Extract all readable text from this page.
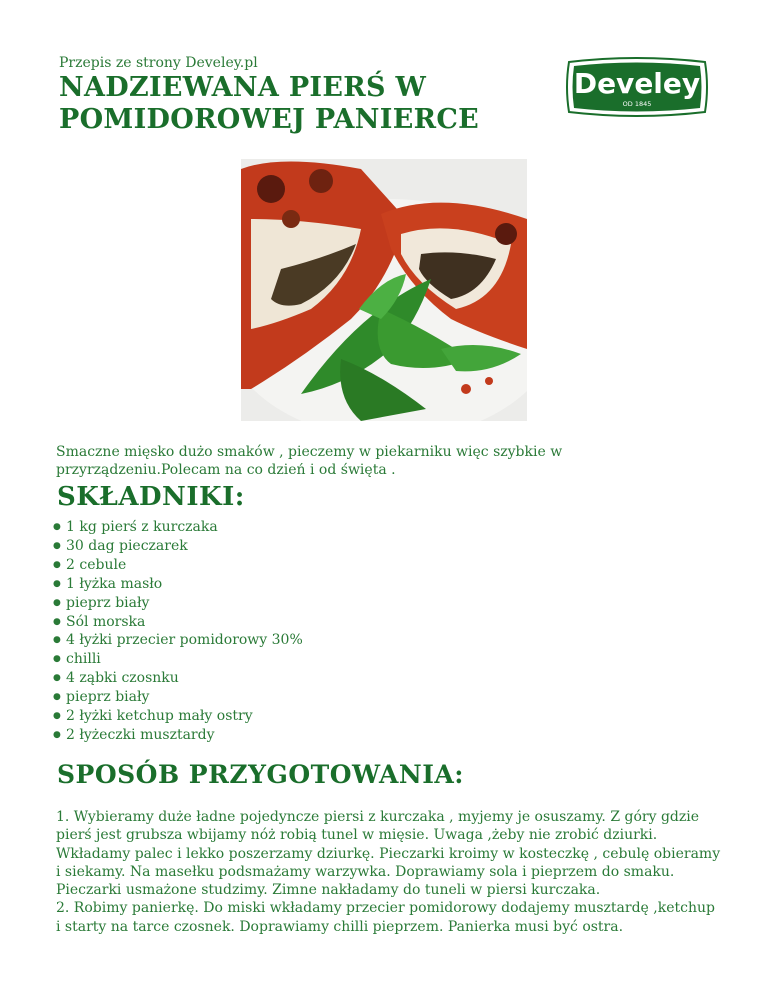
Przepis ze strony Develey.pl
NADZIEWANA PIERŚ W POMIDOROWEJ PANIERCE
Develey
OD 1845
Smaczne mięsko dużo smaków , pieczemy w piekarniku więc szybkie w przyrządzeniu.Polecam na co dzień i od święta .
SKŁADNIKI:
● 1 kg pierś z kurczaka
● 30 dag pieczarek
● 2 cebule
● 1 łyżka masło
● pieprz biały
● Sól morska
● 4 łyżki przecier pomidorowy 30%
● chilli
● 4 ząbki czosnku
● pieprz biały
● 2 łyżki ketchup mały ostry
● 2 łyżeczki musztardy
SPOSÓB PRZYGOTOWANIA:

1. Wybieramy duże ładne pojedyncze piersi z kurczaka , myjemy je osuszamy. Z góry gdzie pierś jest grubsza wbijamy nóż robią tunel w mięsie. Uwaga ,żeby nie zrobić dziurki. Wkładamy palec i lekko poszerzamy dziurkę. Pieczarki kroimy w kosteczkę , cebulę obieramy i siekamy. Na masełku podsmażamy warzywka. Doprawiamy sola i pieprzem do smaku. Pieczarki usmażone studzimy. Zimne nakładamy do tuneli w piersi kurczaka.

2. Robimy panierkę. Do miski wkładamy przecier pomidorowy dodajemy musztardę ,ketchup i starty na tarce czosnek. Doprawiamy chilli pieprzem. Panierka musi być ostra.
